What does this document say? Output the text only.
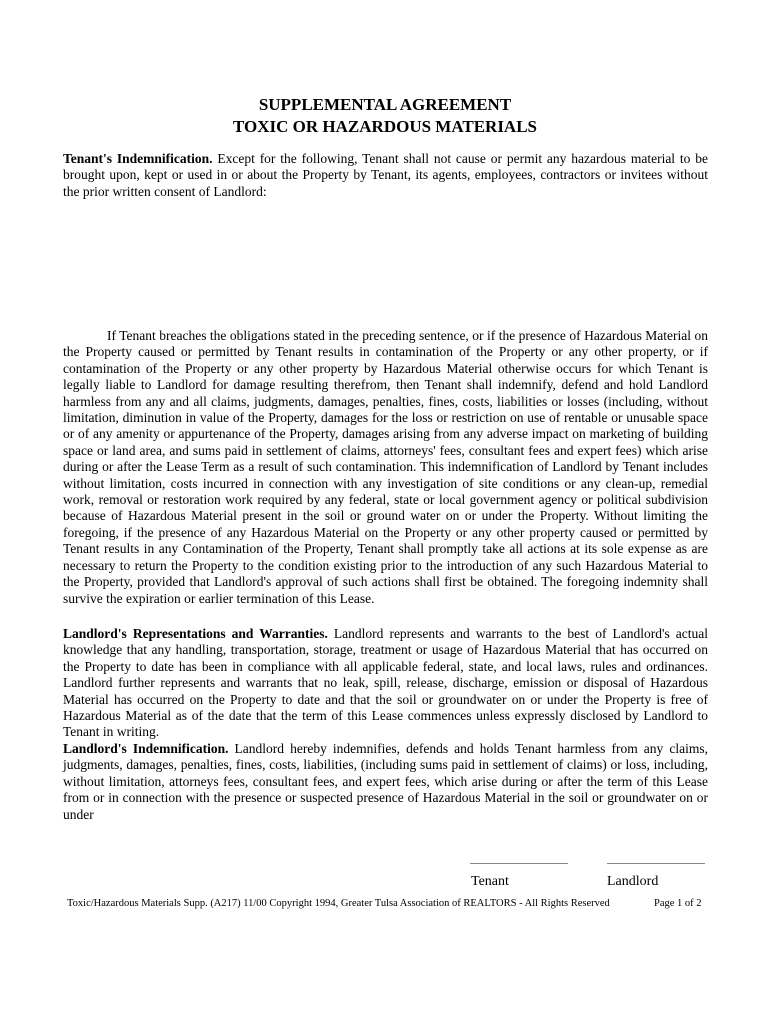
SUPPLEMENTAL AGREEMENT
TOXIC OR HAZARDOUS MATERIALS

Tenant's Indemnification. Except for the following, Tenant shall not cause or permit any hazardous material to be brought upon, kept or used in or about the Property by Tenant, its agents, employees, contractors or invitees without the prior written consent of Landlord:

If Tenant breaches the obligations stated in the preceding sentence, or if the presence of Hazardous Material on the Property caused or permitted by Tenant results in contamination of the Property or any other property, or if contamination of the Property or any other property by Hazardous Material otherwise occurs for which Tenant is legally liable to Landlord for damage resulting therefrom, then Tenant shall indemnify, defend and hold Landlord harmless from any and all claims, judgments, damages, penalties, fines, costs, liabilities or losses (including, without limitation, diminution in value of the Property, damages for the loss or restriction on use of rentable or unusable space or of any amenity or appurtenance of the Property, damages arising from any adverse impact on marketing of building space or land area, and sums paid in settlement of claims, attorneys' fees, consultant fees and expert fees) which arise during or after the Lease Term as a result of such contamination. This indemnification of Landlord by Tenant includes without limitation, costs incurred in connection with any investigation of site conditions or any clean-up, remedial work, removal or restoration work required by any federal, state or local government agency or political subdivision because of Hazardous Material present in the soil or ground water on or under the Property. Without limiting the foregoing, if the presence of any Hazardous Material on the Property or any other property caused or permitted by Tenant results in any Contamination of the Property, Tenant shall promptly take all actions at its sole expense as are necessary to return the Property to the condition existing prior to the introduction of any such Hazardous Material to the Property, provided that Landlord's approval of such actions shall first be obtained. The foregoing indemnity shall survive the expiration or earlier termination of this Lease.

Landlord's Representations and Warranties. Landlord represents and warrants to the best of Landlord's actual knowledge that any handling, transportation, storage, treatment or usage of Hazardous Material that has occurred on the Property to date has been in compliance with all applicable federal, state, and local laws, rules and ordinances. Landlord further represents and warrants that no leak, spill, release, discharge, emission or disposal of Hazardous Material has occurred on the Property to date and that the soil or groundwater on or under the Property is free of Hazardous Material as of the date that the term of this Lease commences unless expressly disclosed by Landlord to Tenant in writing.

Landlord's Indemnification. Landlord hereby indemnifies, defends and holds Tenant harmless from any claims, judgments, damages, penalties, fines, costs, liabilities, (including sums paid in settlement of claims) or loss, including, without limitation, attorneys fees, consultant fees, and expert fees, which arise during or after the term of this Lease from or in connection with the presence or suspected presence of Hazardous Material in the soil or groundwater on or under

Tenant	Landlord
Toxic/Hazardous Materials Supp. (A217) 11/00 Copyright 1994, Greater Tulsa Association of REALTORS - All Rights Reserved	Page 1 of 2
